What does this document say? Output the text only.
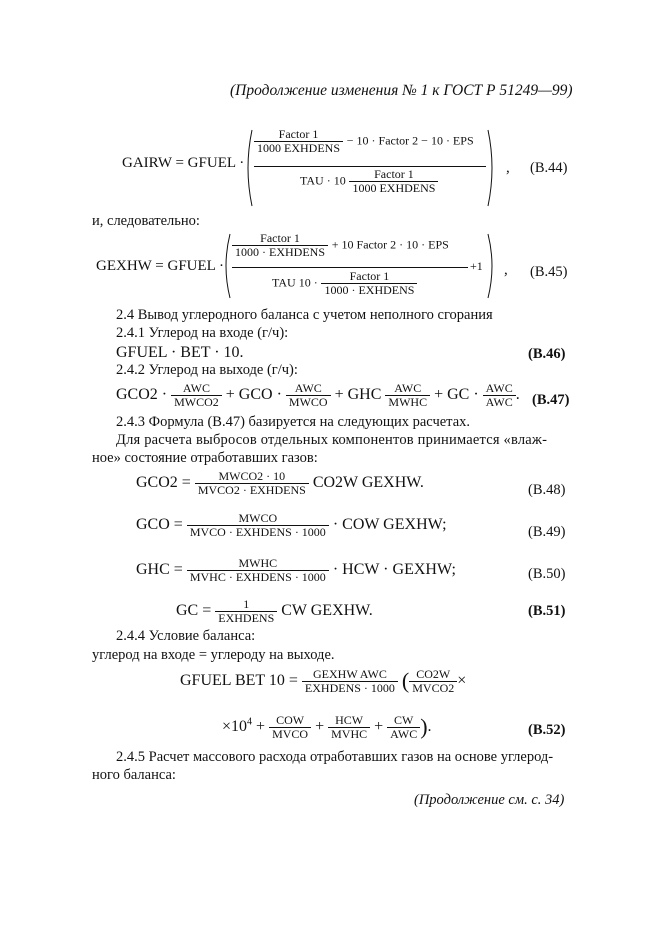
(Продолжение изменения № 1 к ГОСТ Р 51249—99)
GAIRW = GFUEL ·
$\frac{\text{Factor 1}}{\text{1000 EXHDENS}} - 10$ · Factor 2 − 10 · EPS
TAU · $10 \frac{\text{Factor 1}}{\text{1000 EXHDENS}}$	, (B.44)
и, следовательно:
GEXHW = GFUEL ·
$\frac{\text{Factor 1}}{\text{1000 · EXHDENS}} + 10$ Factor 2 · 10 · EPS
TAU $10 \cdot \frac{\text{Factor 1}}{\text{1000 · EXHDENS}}$
+1 , (B.45)
2.4 Вывод углеродного баланса с учетом неполного сгорания
2.4.1 Углерод на входе (г/ч):
GFUEL · BET · 10.	(B.46)
2.4.2 Углерод на выходе (г/ч):
$GCO2 \cdot \frac{\text{AWC}}{\text{MWCO2}}$ + GCO · $\frac{\text{AWC}}{\text{MWCO}}$ + GHC $\frac{\text{AWC}}{\text{MWHC}}$ + GC · $\frac{\text{AWC}}{\text{AWC}}$ . (B.47)
2.4.3 Формула (B.47) базируется на следующих расчетах.
Для расчета выбросов отдельных компонентов принимается «влаж-
ное» состояние отработавших газов:
$GCO2 = \frac{\text{MWCO2 · 10}}{\text{MVCO2 · EXHDENS}} CO2W$ GEXHW.	(B.48)
GCO = $\frac{\text{MWCO}}{\text{MVCO · EXHDENS · 1000}}$ · COW GEXHW;	(B.49)
GHC = $\frac{\text{MWHC}}{\text{MVHC · EXHDENS · 1000}}$ · HCW · GEXHW;	(B.50)
GC = $\frac{1}{\text{EXHDENS}}$ CW GEXHW.	(B.51)
2.4.4 Условие баланса:
углерод на входе = углероду на выходе.
GFUEL BET $10 = \frac{\text{GEXHW AWC}}{\text{EXHDENS · 1000}}$ ( $\frac{CO2W}{\text{MVCO2}}$ ×
$\times 10^4 + \frac{\text{COW}}{\text{MVCO}} + \frac{\text{HCW}}{\text{MVHC}} + \frac{CW}{\text{AWC}}$ ).	(B.52)
2.4.5 Расчет массового расхода отработавших газов на основе углерод-
ного баланса:
(Продолжение см. с. 34)
